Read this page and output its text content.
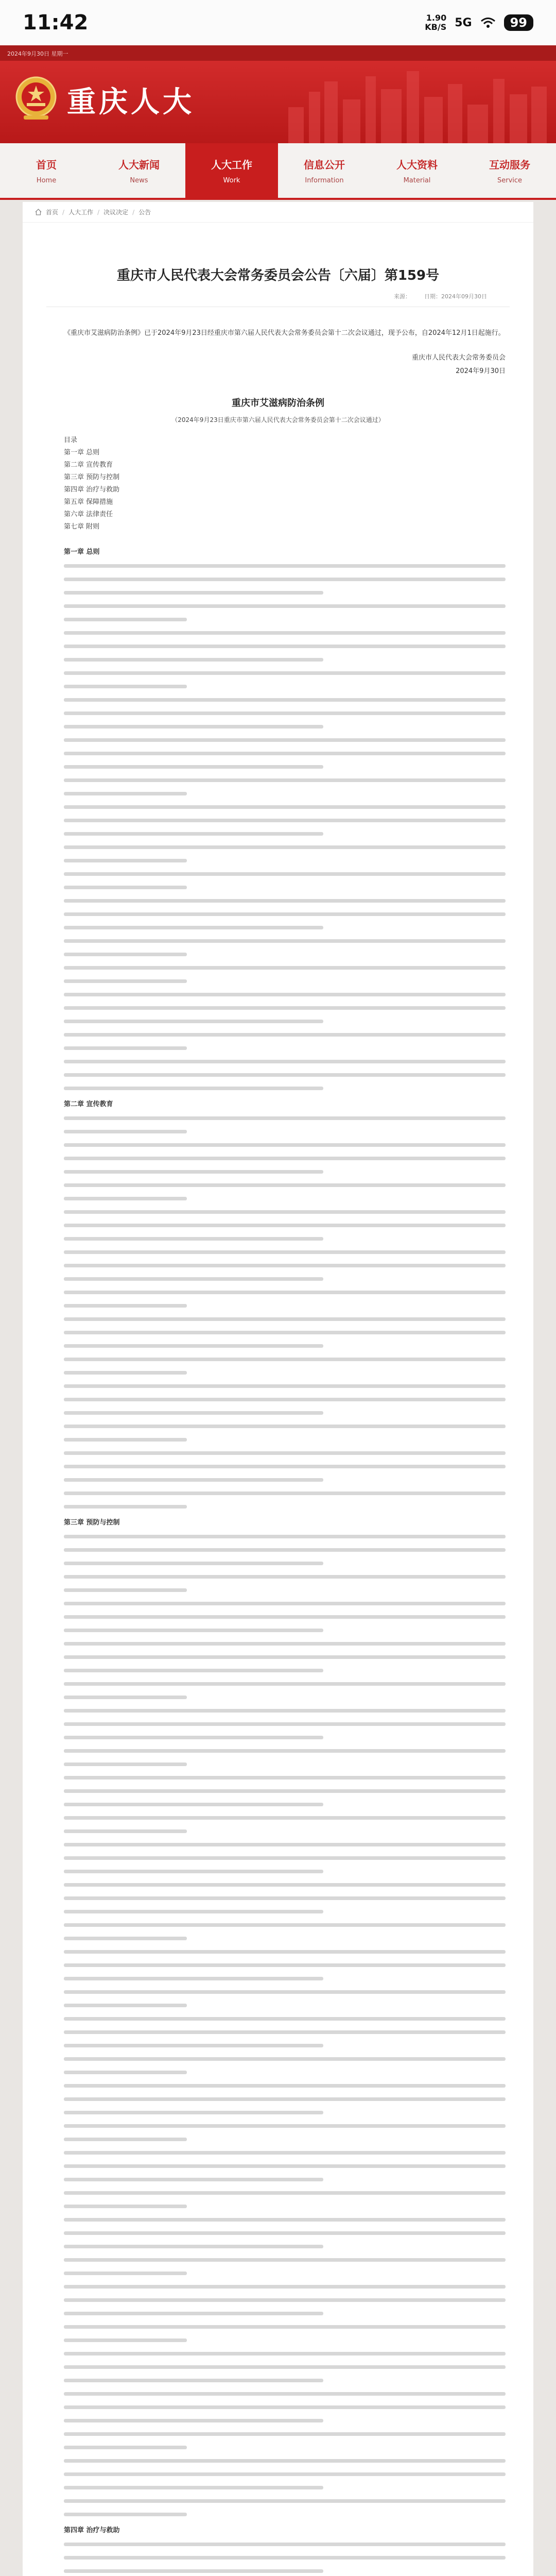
11:42	1.90
KB/S 5G	99
2024年9月30日 星期一
重庆人大
首页
Home
人大新闻
News
人大工作
Work
信息公开
Information
人大资料
Material
互动服务
Service
首页 / 人大工作 / 决议决定 / 公告
重庆市人民代表大会常务委员会公告〔六届〕第159号
来源： 日期：2024年09月30日
《重庆市艾滋病防治条例》已于2024年9月23日经重庆市第六届人民代表大会常务委员会第十二次会议通过，现予公布，自2024年12月1日起施行。
重庆市人民代表大会常务委员会
2024年9月30日
重庆市艾滋病防治条例
（2024年9月23日重庆市第六届人民代表大会常务委员会第十二次会议通过）
目录
第一章 总则
第二章 宣传教育
第三章 预防与控制
第四章 治疗与救助
第五章 保障措施
第六章 法律责任
第七章 附则
第一章 总则
第二章 宣传教育
第三章 预防与控制
第四章 治疗与救助
